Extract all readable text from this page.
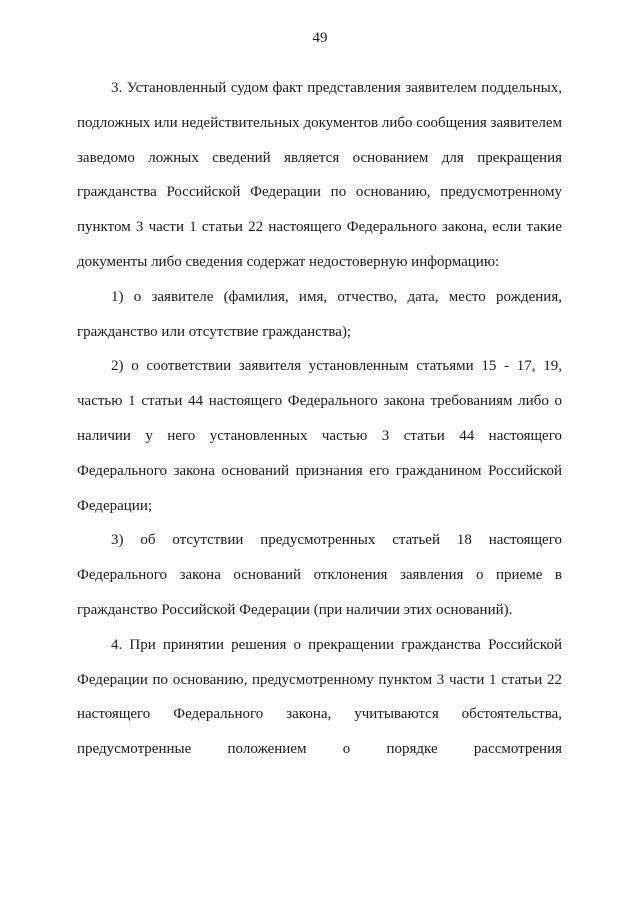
49

3. Установленный судом факт представления заявителем поддельных, подложных или недействительных документов либо сообщения заявителем заведомо ложных сведений является основанием для прекращения гражданства Российской Федерации по основанию, предусмотренному пунктом 3 части 1 статьи 22 настоящего Федерального закона, если такие документы либо сведения содержат недостоверную информацию:

1) о заявителе (фамилия, имя, отчество, дата, место рождения, гражданство или отсутствие гражданства);

2) о соответствии заявителя установленным статьями 15 - 17, 19, частью 1 статьи 44 настоящего Федерального закона требованиям либо о наличии у него установленных частью 3 статьи 44 настоящего Федерального закона оснований признания его гражданином Российской Федерации;

3) об отсутствии предусмотренных статьей 18 настоящего Федерального закона оснований отклонения заявления о приеме в гражданство Российской Федерации (при наличии этих оснований).

4. При принятии решения о прекращении гражданства Российской Федерации по основанию, предусмотренному пунктом 3 части 1 статьи 22 настоящего Федерального закона, учитываются обстоятельства, предусмотренные положением о порядке рассмотрения
